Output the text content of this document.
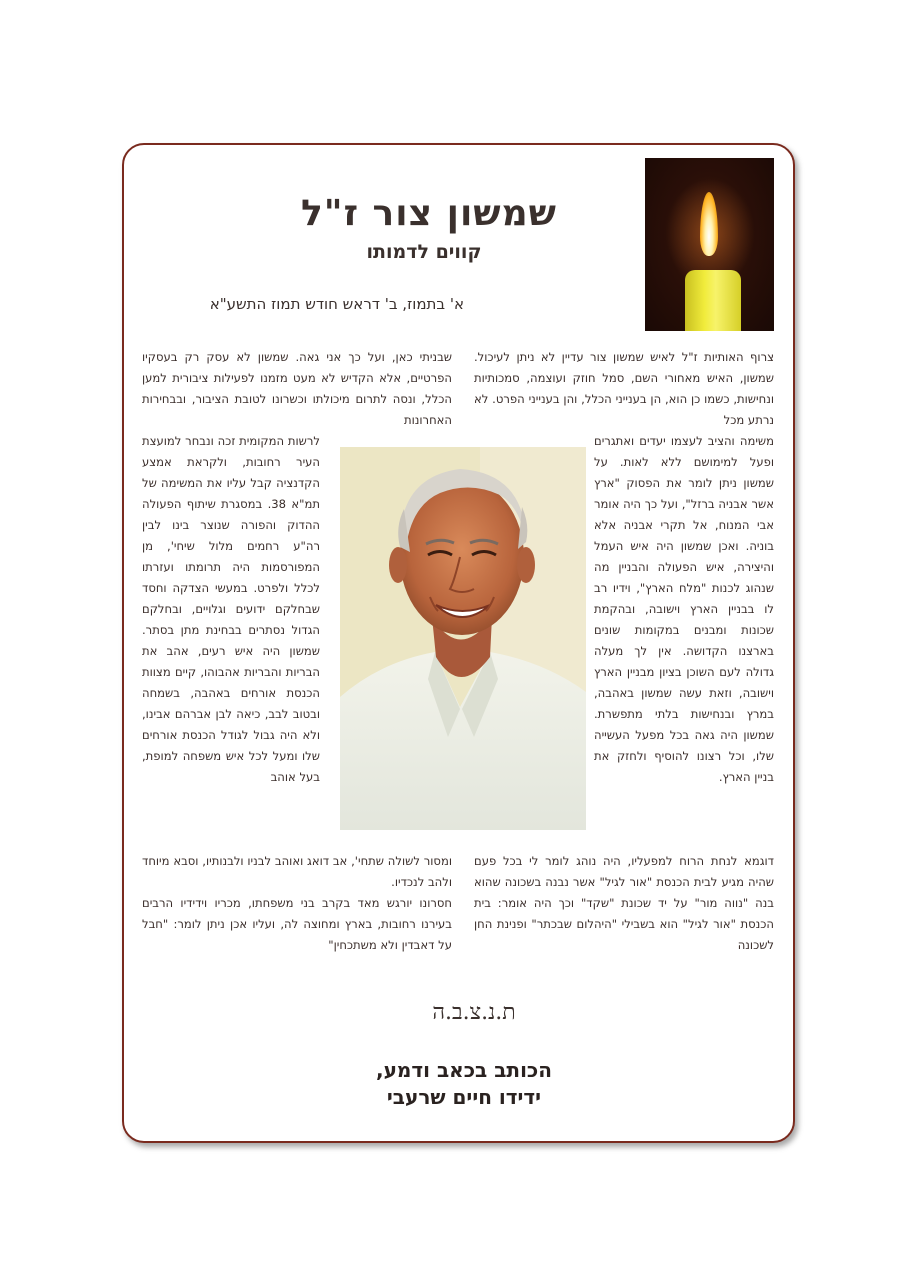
שמשון צור ז"ל
קווים לדמותו
א' בתמוז, ב' דראש חודש תמוז התשע"א

צרוף האותיות ז"ל לאיש שמשון צור עדיין לא ניתן לעיכול. שמשון, האיש מאחורי השם, סמל חוזק ועוצמה, סמכותיות ונחישות, כשמו כן הוא, הן בענייני הכלל, והן בענייני הפרט. לא נרתע מכל

משימה והציב לעצמו יעדים ואתגרים ופעל למימושם ללא לאות. על שמשון ניתן לומר את הפסוק "ארץ אשר אבניה ברזל", ועל כך היה אומר אבי המנוח, אל תקרי אבניה אלא בוניה. ואכן שמשון היה איש העמל והיצירה, איש הפעולה והבניין מה שנהוג לכנות "מלח הארץ", וידיו רב לו בבניין הארץ וישובה, ובהקמת שכונות ומבנים במקומות שונים בארצנו הקדושה. אין לך מעלה גדולה לעם השוכן בציון מבניין הארץ וישובה, וזאת עשה שמשון באהבה, במרץ ובנחישות בלתי מתפשרת. שמשון היה גאה בכל מפעל העשייה שלו, וכל רצונו להוסיף ולחזק את בניין הארץ.

דוגמא לנחת הרוח למפעליו, היה נוהג לומר לי בכל פעם שהיה מגיע לבית הכנסת "אור לגיל" אשר נבנה בשכונה שהוא בנה "נווה מור" על יד שכונת "שקד" וכך היה אומר: בית הכנסת "אור לגיל" הוא בשבילי "היהלום שבכתר" ופנינת החן לשכונה

שבניתי כאן, ועל כך אני גאה. שמשון לא עסק רק בעסקיו הפרטיים, אלא הקדיש לא מעט מזמנו לפעילות ציבורית למען הכלל, ונסה לתרום מיכולתו וכשרונו לטובת הציבור, ובבחירות האחרונות

לרשות המקומית זכה ונבחר למועצת העיר רחובות, ולקראת אמצע הקדנציה קבל עליו את המשימה של תמ"א 38. במסגרת שיתוף הפעולה ההדוק והפורה שנוצר בינו לבין רה"ע רחמים מלול שיחי', מן המפורסמות היה תרומתו ועזרתו לכלל ולפרט. במעשי הצדקה וחסד שבחלקם ידועים וגלויים, ובחלקם הגדול נסתרים בבחינת מתן בסתר. שמשון היה איש רעים, אהב את הבריות והבריות אהבוהו, קיים מצוות הכנסת אורחים באהבה, בשמחה ובטוב לבב, כיאה לבן אברהם אבינו, ולא היה גבול לגודל הכנסת אורחים שלו ומעל לכל איש משפחה למופת, בעל אוהב

ומסור לשולה שתחי', אב דואג ואוהב לבניו ולבנותיו, וסבא מיוחד ולהב לנכדיו.

חסרונו יורגש מאד בקרב בני משפחתו, מכריו וידידיו הרבים בעירנו רחובות, בארץ ומחוצה לה, ועליו אכן ניתן לומר: "חבל על דאבדין ולא משתכחין"

ת.נ.צ.ב.ה
הכותב בכאב ודמע,
ידידו חיים שרעבי
